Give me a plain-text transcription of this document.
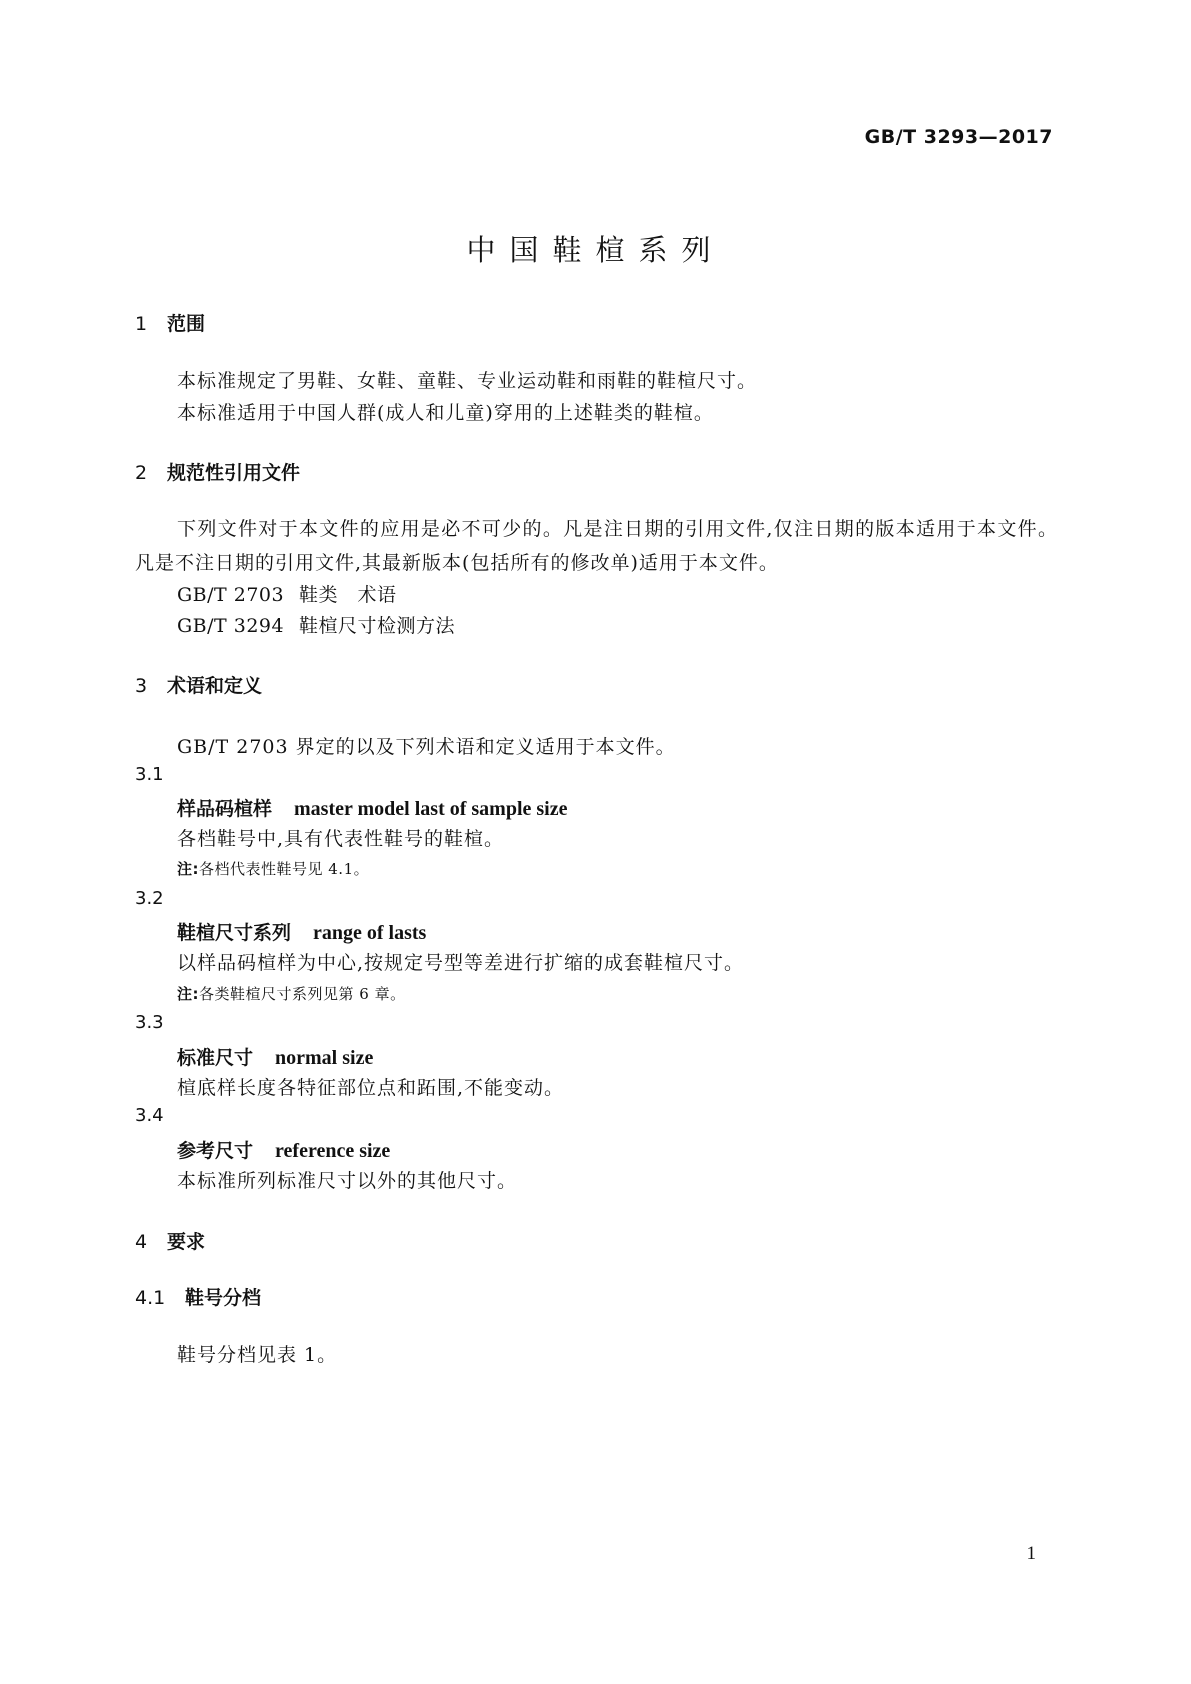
GB/T 3293—2017
中国鞋楦系列
1 范围
本标准规定了男鞋、女鞋、童鞋、专业运动鞋和雨鞋的鞋楦尺寸。
本标准适用于中国人群(成人和儿童)穿用的上述鞋类的鞋楦。
2 规范性引用文件
下列文件对于本文件的应用是必不可少的。凡是注日期的引用文件,仅注日期的版本适用于本文件。凡是不注日期的引用文件,其最新版本(包括所有的修改单)适用于本文件。
GB/T 2703 鞋类　术语
GB/T 3294 鞋楦尺寸检测方法
3 术语和定义
GB/T 2703 界定的以及下列术语和定义适用于本文件。
3.1
样品码楦样 master model last of sample size
各档鞋号中,具有代表性鞋号的鞋楦。
注:各档代表性鞋号见 4.1。
3.2
鞋楦尺寸系列 range of lasts
以样品码楦样为中心,按规定号型等差进行扩缩的成套鞋楦尺寸。
注:各类鞋楦尺寸系列见第 6 章。
3.3
标准尺寸 normal size
楦底样长度各特征部位点和跖围,不能变动。
3.4
参考尺寸 reference size
本标准所列标准尺寸以外的其他尺寸。
4 要求
4.1 鞋号分档
鞋号分档见表 1。
1
